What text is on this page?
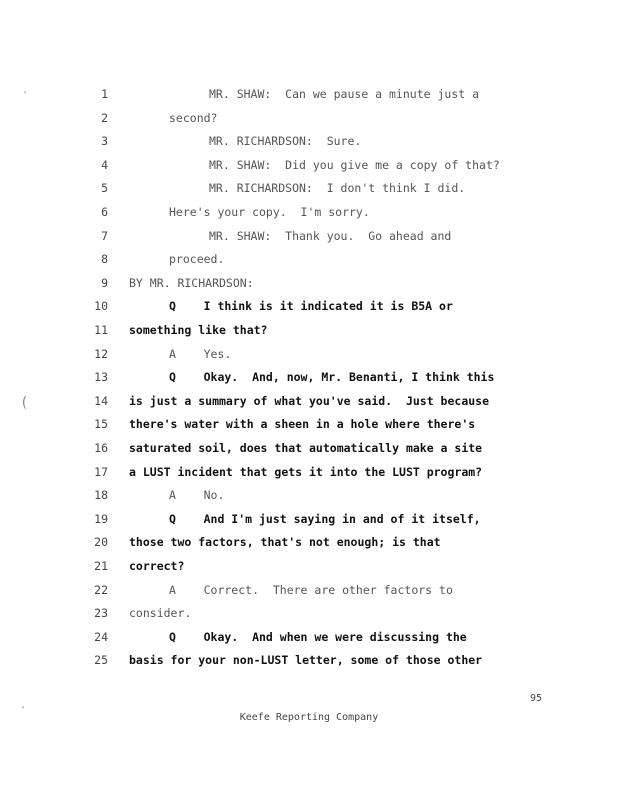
1	MR. SHAW:  Can we pause a minute just a
2	second?
3	MR. RICHARDSON:  Sure.
4	MR. SHAW:  Did you give me a copy of that?
5	MR. RICHARDSON:  I don't think I did.
6	Here's your copy.  I'm sorry.
7	MR. SHAW:  Thank you.  Go ahead and
8	proceed.
9 BY MR. RICHARDSON:
10	Q    I think is it indicated it is B5A or
11 something like that?
12	A    Yes.
13	Q    Okay.  And, now, Mr. Benanti, I think this
14 is just a summary of what you've said.  Just because
15 there's water with a sheen in a hole where there's
16 saturated soil, does that automatically make a site
17 a LUST incident that gets it into the LUST program?
18	A    No.
19	Q    And I'm just saying in and of it itself,
20 those two factors, that's not enough; is that
21 correct?
22	A    Correct.  There are other factors to
23 consider.
24	Q    Okay.  And when we were discussing the
25 basis for your non-LUST letter, some of those other
95
Keefe Reporting Company
'
(
'
